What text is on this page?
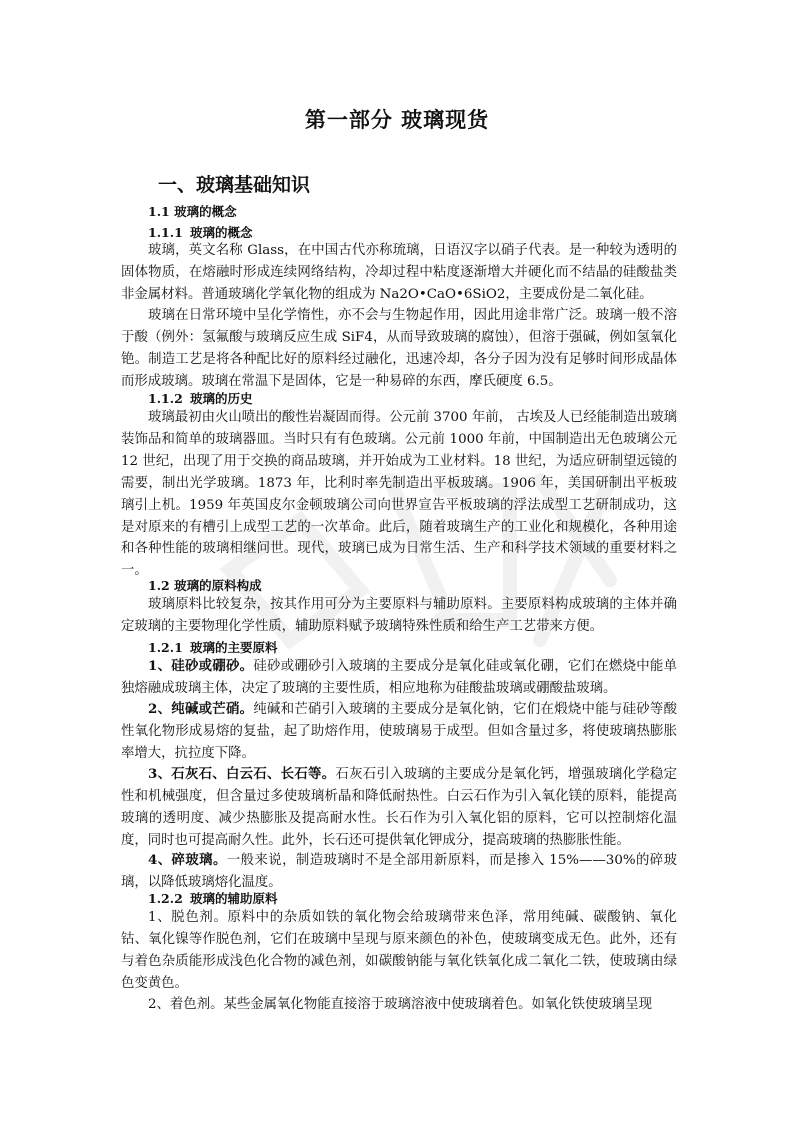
第一部分 玻璃现货
一、玻璃基础知识
1.1 玻璃的概念
1.1.1 玻璃的概念

玻璃，英文名称 Glass，在中国古代亦称琉璃，日语汉字以硝子代表。是一种较为透明的固体物质，在熔融时形成连续网络结构，冷却过程中粘度逐渐增大并硬化而不结晶的硅酸盐类非金属材料。普通玻璃化学氧化物的组成为 Na2O•CaO•6SiO2，主要成份是二氧化硅。

玻璃在日常环境中呈化学惰性，亦不会与生物起作用，因此用途非常广泛。玻璃一般不溶于酸（例外：氢氟酸与玻璃反应生成 SiF4，从而导致玻璃的腐蚀），但溶于强碱，例如氢氧化铯。制造工艺是将各种配比好的原料经过融化，迅速冷却，各分子因为没有足够时间形成晶体而形成玻璃。玻璃在常温下是固体，它是一种易碎的东西，摩氏硬度 6.5。

1.1.2 玻璃的历史

玻璃最初由火山喷出的酸性岩凝固而得。公元前 3700 年前， 古埃及人已经能制造出玻璃装饰品和简单的玻璃器皿。当时只有有色玻璃。公元前 1000 年前，中国制造出无色玻璃公元 12 世纪，出现了用于交换的商品玻璃，并开始成为工业材料。18 世纪，为适应研制望远镜的需要，制出光学玻璃。1873 年，比利时率先制造出平板玻璃。1906 年，美国研制出平板玻璃引上机。1959 年英国皮尔金顿玻璃公司向世界宣告平板玻璃的浮法成型工艺研制成功，这是对原来的有槽引上成型工艺的一次革命。此后，随着玻璃生产的工业化和规模化，各种用途和各种性能的玻璃相继问世。现代，玻璃已成为日常生活、生产和科学技术领域的重要材料之一。

1.2 玻璃的原料构成

玻璃原料比较复杂，按其作用可分为主要原料与辅助原料。主要原料构成玻璃的主体并确定玻璃的主要物理化学性质，辅助原料赋予玻璃特殊性质和给生产工艺带来方便。

1.2.1 玻璃的主要原料

1、硅砂或硼砂。硅砂或硼砂引入玻璃的主要成分是氧化硅或氧化硼，它们在燃烧中能单独熔融成玻璃主体，决定了玻璃的主要性质，相应地称为硅酸盐玻璃或硼酸盐玻璃。

2、纯碱或芒硝。纯碱和芒硝引入玻璃的主要成分是氧化钠，它们在煅烧中能与硅砂等酸性氧化物形成易熔的复盐，起了助熔作用，使玻璃易于成型。但如含量过多，将使玻璃热膨胀率增大，抗拉度下降。

3、石灰石、白云石、长石等。石灰石引入玻璃的主要成分是氧化钙，增强玻璃化学稳定性和机械强度，但含量过多使玻璃析晶和降低耐热性。白云石作为引入氧化镁的原料，能提高玻璃的透明度、减少热膨胀及提高耐水性。长石作为引入氧化铝的原料，它可以控制熔化温度，同时也可提高耐久性。此外，长石还可提供氧化钾成分，提高玻璃的热膨胀性能。

4、碎玻璃。一般来说，制造玻璃时不是全部用新原料，而是掺入 15%——30%的碎玻璃，以降低玻璃熔化温度。

1.2.2 玻璃的辅助原料

1、脱色剂。原料中的杂质如铁的氧化物会给玻璃带来色泽，常用纯碱、碳酸钠、氧化钴、氧化镍等作脱色剂，它们在玻璃中呈现与原来颜色的补色，使玻璃变成无色。此外，还有与着色杂质能形成浅色化合物的减色剂，如碳酸钠能与氧化铁氧化成二氧化二铁，使玻璃由绿色变黄色。

2、着色剂。某些金属氧化物能直接溶于玻璃溶液中使玻璃着色。如氧化铁使玻璃呈现
